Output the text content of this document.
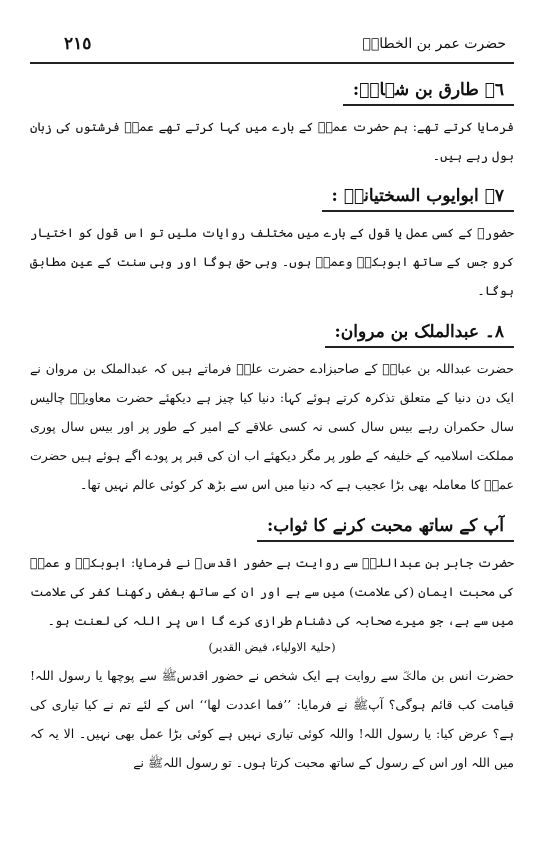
٢١٥	حضرت عمر بن الخطابؓ
٦۔ طارق بن شہابؒ:

فرمایا کرتے تھے: ہم حضرت عمرؓ کے بارے میں کہا کرتے تھے عمرؓ فرشتوں کی زبان بول رہے ہیں۔

٧۔ ابوایوب السختیانیؒ :

حضورﷺ کے کسی عمل یا قول کے بارے میں مختلف روایات ملیں تو اس قول کو اختیار کرو جس کے ساتھ ابوبکرؓ وعمرؓ ہوں۔ وہی حق ہوگا اور وہی سنت کے عین مطابق ہوگا۔

٨۔ عبدالملک بن مروان:

حضرت عبداللہ بن عباسؓ کے صاحبزادے حضرت علیؒ فرماتے ہیں کہ عبدالملک بن مروان نے ایک دن دنیا کے متعلق تذکرہ کرتے ہوئے کہا: دنیا کیا چیز ہے دیکھئے حضرت معاویہؓ چالیس سال حکمران رہے بیس سال کسی نہ کسی علاقے کے امیر کے طور پر اور بیس سال پوری مملکت اسلامیہ کے خلیفہ کے طور پر مگر دیکھئے اب ان کی قبر پر پودے اگے ہوئے ہیں حضرت عمرؓ کا معاملہ بھی بڑا عجیب ہے کہ دنیا میں اس سے بڑھ کر کوئی عالم نہیں تھا۔

آپ کے ساتھ محبت کرنے کا ثواب:

حضرت جابر بن عبداللہؓ سے روایت ہے حضور اقدسﷺ نے فرمایا: ابوبکرؓ و عمرؓ کی محبت ایمان (کی علامت) میں سے ہے اور ان کے ساتھ بغض رکھنا کفر کی علامت میں سے ہے، جو میرے صحابہ کی دشنام طرازی کرے گا اس پر اللہ کی لعنت ہو۔

(حلیۃ الاولیاء، فیض القدیر)

حضرت انس بن مالکؓ سے روایت ہے ایک شخص نے حضور اقدسﷺ سے پوچھا یا رسول اللہ! قیامت کب قائم ہوگی؟ آپﷺ نے فرمایا: ’’فما اعددت لھا‘‘ اس کے لئے تم نے کیا تیاری کی ہے؟ عرض کیا: یا رسول اللہ! واللہ کوئی تیاری نہیں ہے کوئی بڑا عمل بھی نہیں۔ الا یہ کہ میں اللہ اور اس کے رسول کے ساتھ محبت کرتا ہوں۔ تو رسول اللہﷺ نے
